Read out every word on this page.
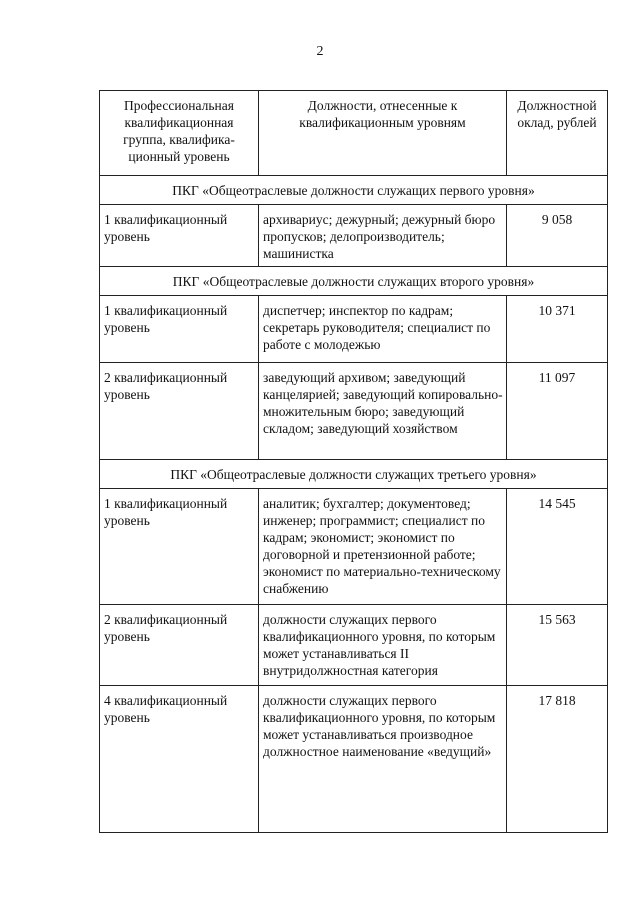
2
Профессиональная квалификационная группа, квалифика-ционный уровень	Должности, отнесенные к квалификационным уровням	Должностной оклад, рублей
ПКГ «Общеотраслевые должности служащих первого уровня»		
1 квалификационный уровень	архивариус; дежурный; дежурный бюро пропусков; делопроизводитель; машинистка	9 058
ПКГ «Общеотраслевые должности служащих второго уровня»		
1 квалификационный уровень	диспетчер; инспектор по кадрам; секретарь руководителя; специалист по работе с молодежью	10 371
2 квалификационный уровень	заведующий архивом; заведующий канцелярией; заведующий копировально-множительным бюро; заведующий складом; заведующий хозяйством	11 097
ПКГ «Общеотраслевые должности служащих третьего уровня»		
1 квалификационный уровень	аналитик; бухгалтер; документовед; инженер; программист; специалист по кадрам; экономист; экономист по договорной и претензионной работе; экономист по материально-техническому снабжению	14 545
2 квалификационный уровень	должности служащих первого квалификационного уровня, по которым может устанавливаться II внутридолжностная категория	15 563
4 квалификационный уровень	должности служащих первого квалификационного уровня, по которым может устанавливаться производное должностное наименование «ведущий»	17 818
